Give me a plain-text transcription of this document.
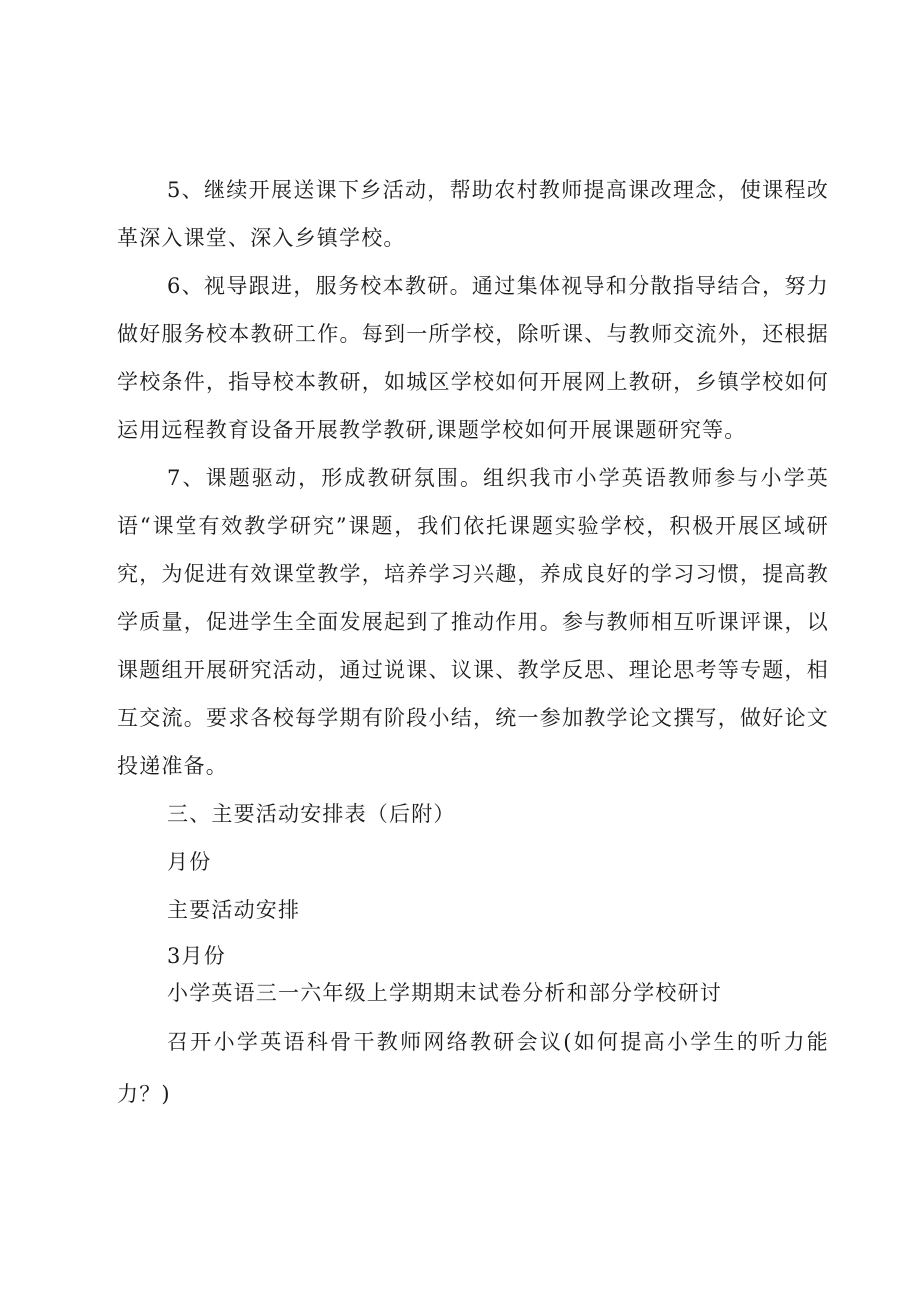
5、继续开展送课下乡活动，帮助农村教师提高课改理念，使课程改革深入课堂、深入乡镇学校。

6、视导跟进，服务校本教研。通过集体视导和分散指导结合，努力做好服务校本教研工作。每到一所学校，除听课、与教师交流外，还根据学校条件，指导校本教研，如城区学校如何开展网上教研，乡镇学校如何运用远程教育设备开展教学教研,课题学校如何开展课题研究等。

7、课题驱动，形成教研氛围。组织我市小学英语教师参与小学英语“课堂有效教学研究”课题，我们依托课题实验学校，积极开展区域研究，为促进有效课堂教学，培养学习兴趣，养成良好的学习习惯，提高教学质量，促进学生全面发展起到了推动作用。参与教师相互听课评课，以课题组开展研究活动，通过说课、议课、教学反思、理论思考等专题，相互交流。要求各校每学期有阶段小结，统一参加教学论文撰写，做好论文投递准备。

三、主要活动安排表（后附）

月份

主要活动安排

3月份

小学英语三一六年级上学期期末试卷分析和部分学校研讨

召开小学英语科骨干教师网络教研会议(如何提高小学生的听力能力？)
